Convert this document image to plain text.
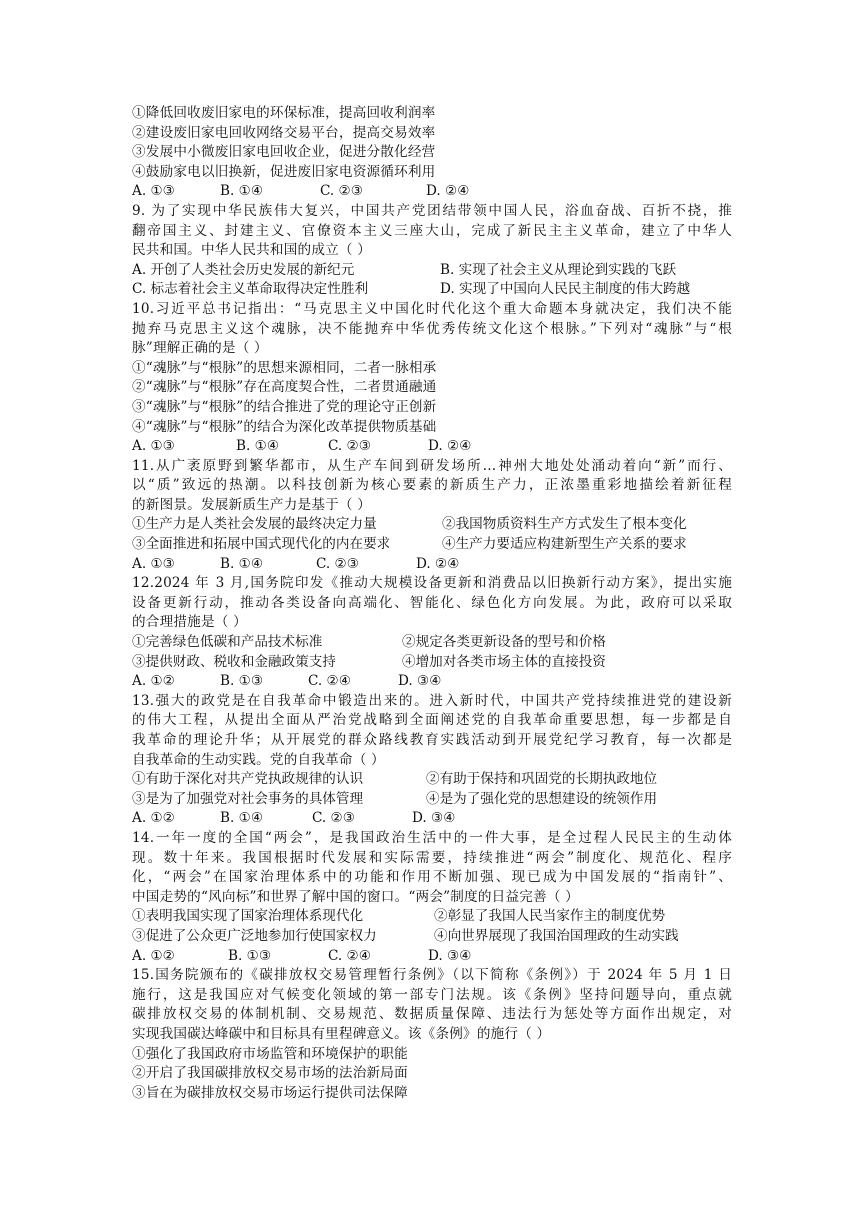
①降低回收废旧家电的环保标准，提高回收利润率
②建设废旧家电回收网络交易平台，提高交易效率
③发展中小微废旧家电回收企业，促进分散化经营
④鼓励家电以旧换新，促进废旧家电资源循环利用
A. ①③	B. ①④	C. ②③	D. ②④
9. 为了实现中华民族伟大复兴，中国共产党团结带领中国人民，浴血奋战、百折不挠，推
翻帝国主义、封建主义、官僚资本主义三座大山，完成了新民主主义革命，建立了中华人
民共和国。中华人民共和国的成立（ ）
A. 开创了人类社会历史发展的新纪元	B. 实现了社会主义从理论到实践的飞跃
C. 标志着社会主义革命取得决定性胜利	D. 实现了中国向人民民主制度的伟大跨越
10.习近平总书记指出：“马克思主义中国化时代化这个重大命题本身就决定，我们决不能
抛弃马克思主义这个魂脉，决不能抛弃中华优秀传统文化这个根脉。”下列对“魂脉”与“根
脉”理解正确的是（ ）
①“魂脉”与“根脉”的思想来源相同，二者一脉相承
②“魂脉”与“根脉”存在高度契合性，二者贯通融通
③“魂脉”与“根脉”的结合推进了党的理论守正创新
④“魂脉”与“根脉”的结合为深化改革提供物质基础
A. ①③	B. ①④	C. ②③	D. ②④
11.从广袤原野到繁华都市，从生产车间到研发场所…神州大地处处涌动着向“新”而行、
以“质”致远的热潮。以科技创新为核心要素的新质生产力，正浓墨重彩地描绘着新征程
的新图景。发展新质生产力是基于（ ）
①生产力是人类社会发展的最终决定力量	②我国物质资料生产方式发生了根本变化
③全面推进和拓展中国式现代化的内在要求	④生产力要适应构建新型生产关系的要求
A. ①③	B. ①④	C. ②③	D. ②④
12.2024 年 3 月,国务院印发《推动大规模设备更新和消费品以旧换新行动方案》，提出实施
设备更新行动，推动各类设备向高端化、智能化、绿色化方向发展。为此，政府可以采取
的合理措施是（ ）
①完善绿色低碳和产品技术标准	②规定各类更新设备的型号和价格
③提供财政、税收和金融政策支持	④增加对各类市场主体的直接投资
A. ①②	B. ①③	C. ②④	D. ③④
13.强大的政党是在自我革命中锻造出来的。进入新时代，中国共产党持续推进党的建设新
的伟大工程，从提出全面从严治党战略到全面阐述党的自我革命重要思想，每一步都是自
我革命的理论升华；从开展党的群众路线教育实践活动到开展党纪学习教育，每一次都是
自我革命的生动实践。党的自我革命（ ）
①有助于深化对共产党执政规律的认识	②有助于保持和巩固党的长期执政地位
③是为了加强党对社会事务的具体管理	④是为了强化党的思想建设的统领作用
A. ①②	B. ①④	C. ②③	D. ③④
14.一年一度的全国“两会”，是我国政治生活中的一件大事，是全过程人民民主的生动体
现。数十年来。我国根据时代发展和实际需要，持续推进“两会”制度化、规范化、程序
化，“两会”在国家治理体系中的功能和作用不断加强、现已成为中国发展的“指南针”、
中国走势的“风向标”和世界了解中国的窗口。“两会”制度的日益完善（ ）
①表明我国实现了国家治理体系现代化	②彰显了我国人民当家作主的制度优势
③促进了公众更广泛地参加行使国家权力	④向世界展现了我国治国理政的生动实践
A. ①②	B. ①③	C. ②④	D. ③④
15.国务院颁布的《碳排放权交易管理暂行条例》（以下简称《条例》）于 2024 年 5 月 1 日
施行，这是我国应对气候变化领域的第一部专门法规。该《条例》坚持问题导向，重点就
碳排放权交易的体制机制、交易规范、数据质量保障、违法行为惩处等方面作出规定，对
实现我国碳达峰碳中和目标具有里程碑意义。该《条例》的施行（ ）
①强化了我国政府市场监管和环境保护的职能
②开启了我国碳排放权交易市场的法治新局面
③旨在为碳排放权交易市场运行提供司法保障
